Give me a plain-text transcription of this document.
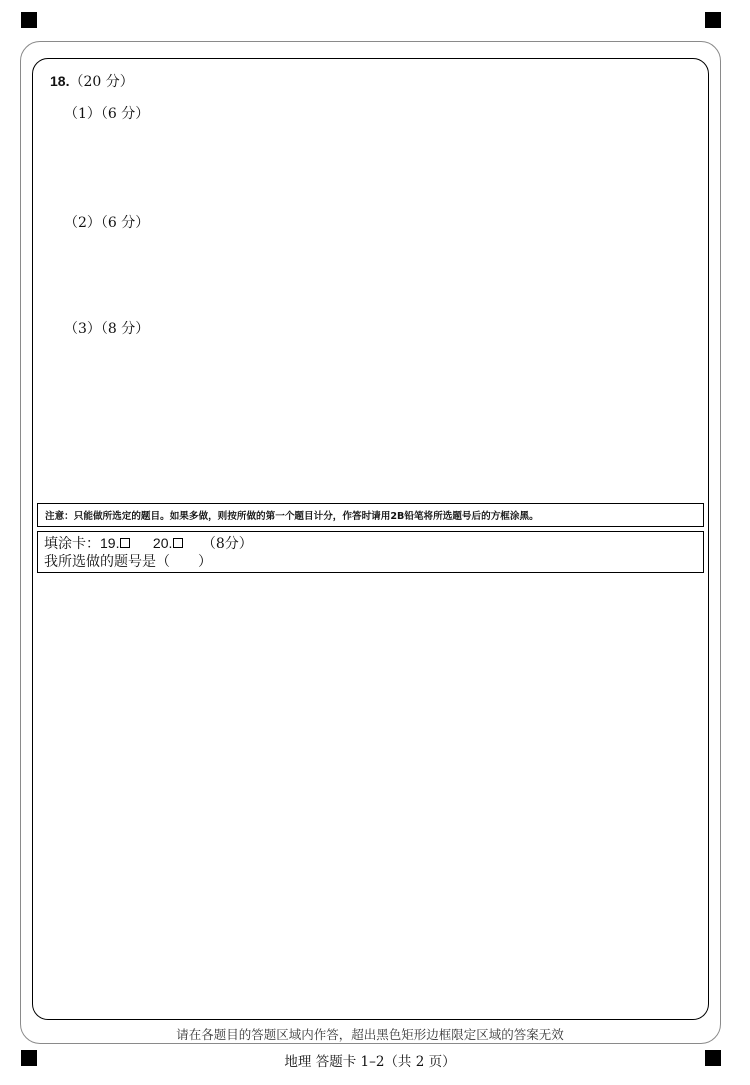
18.（20 分）
（1）（6 分）
（2）（6 分）
（3）（8 分）
注意：只能做所选定的题目。如果多做，则按所做的第一个题目计分，作答时请用2B铅笔将所选题号后的方框涂黑。
填涂卡：19. 20. （8分）
我所选做的题号是（　　）
请在各题目的答题区域内作答，超出黑色矩形边框限定区域的答案无效
地理 答题卡 1–2（共 2 页）
